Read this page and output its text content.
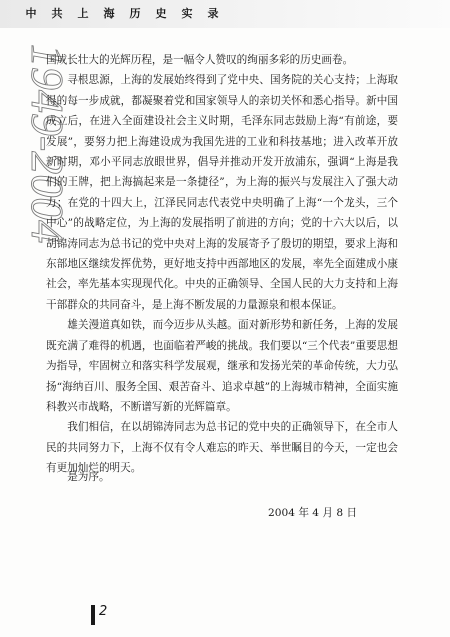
中	共	上	海	历	史	实	录
1949-2004

国成长壮大的光辉历程，是一幅令人赞叹的绚丽多彩的历史画卷。

寻根思源，上海的发展始终得到了党中央、国务院的关心支持；上海取得的每一步成就，都凝聚着党和国家领导人的亲切关怀和悉心指导。新中国成立后，在进入全面建设社会主义时期，毛泽东同志鼓励上海“有前途，要发展”，要努力把上海建设成为我国先进的工业和科技基地；进入改革开放新时期，邓小平同志放眼世界，倡导并推动开发开放浦东，强调“上海是我们的王牌，把上海搞起来是一条捷径”，为上海的振兴与发展注入了强大动力；在党的十四大上，江泽民同志代表党中央明确了上海“一个龙头，三个中心”的战略定位，为上海的发展指明了前进的方向；党的十六大以后，以胡锦涛同志为总书记的党中央对上海的发展寄予了殷切的期望，要求上海和东部地区继续发挥优势，更好地支持中西部地区的发展，率先全面建成小康社会，率先基本实现现代化。中央的正确领导、全国人民的大力支持和上海干部群众的共同奋斗，是上海不断发展的力量源泉和根本保证。

雄关漫道真如铁，而今迈步从头越。面对新形势和新任务，上海的发展既充满了难得的机遇，也面临着严峻的挑战。我们要以“三个代表”重要思想为指导，牢固树立和落实科学发展观，继承和发扬光荣的革命传统，大力弘扬“海纳百川、服务全国、艰苦奋斗、追求卓越”的上海城市精神，全面实施科教兴市战略，不断谱写新的光辉篇章。

我们相信，在以胡锦涛同志为总书记的党中央的正确领导下，在全市人民的共同努力下，上海不仅有令人难忘的昨天、举世瞩目的今天，一定也会有更加灿烂的明天。

是为序。
2004 年 4 月 8 日
2
